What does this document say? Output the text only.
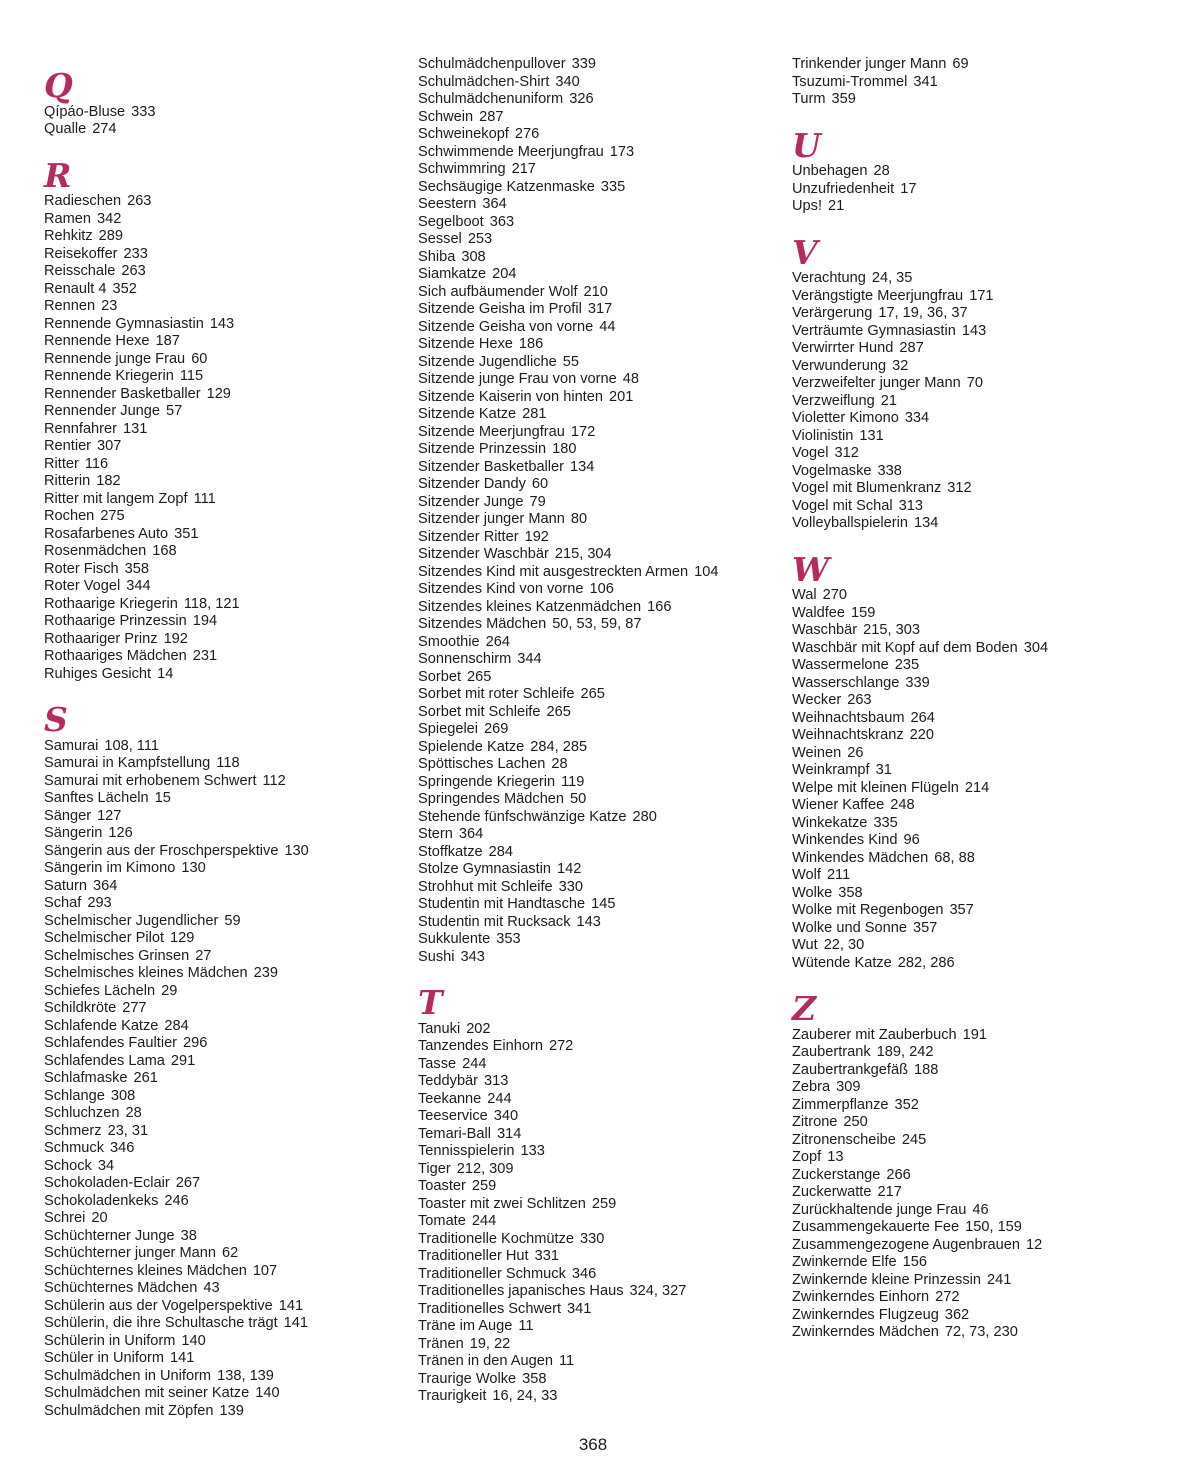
Q
Qípáo-Bluse 333
Qualle 274
R
Radieschen 263
Ramen 342
Rehkitz 289
Reisekoffer 233
Reisschale 263
Renault 4 352
Rennen 23
Rennende Gymnasiastin 143
Rennende Hexe 187
Rennende junge Frau 60
Rennende Kriegerin 115
Rennender Basketballer 129
Rennender Junge 57
Rennfahrer 131
Rentier 307
Ritter 116
Ritterin 182
Ritter mit langem Zopf 111
Rochen 275
Rosafarbenes Auto 351
Rosenmädchen 168
Roter Fisch 358
Roter Vogel 344
Rothaarige Kriegerin 118, 121
Rothaarige Prinzessin 194
Rothaariger Prinz 192
Rothaariges Mädchen 231
Ruhiges Gesicht 14
S
Samurai 108, 111
Samurai in Kampfstellung 118
Samurai mit erhobenem Schwert 112
Sanftes Lächeln 15
Sänger 127
Sängerin 126
Sängerin aus der Froschperspektive 130
Sängerin im Kimono 130
Saturn 364
Schaf 293
Schelmischer Jugendlicher 59
Schelmischer Pilot 129
Schelmisches Grinsen 27
Schelmisches kleines Mädchen 239
Schiefes Lächeln 29
Schildkröte 277
Schlafende Katze 284
Schlafendes Faultier 296
Schlafendes Lama 291
Schlafmaske 261
Schlange 308
Schluchzen 28
Schmerz 23, 31
Schmuck 346
Schock 34
Schokoladen-Eclair 267
Schokoladenkeks 246
Schrei 20
Schüchterner Junge 38
Schüchterner junger Mann 62
Schüchternes kleines Mädchen 107
Schüchternes Mädchen 43
Schülerin aus der Vogelperspektive 141
Schülerin, die ihre Schultasche trägt 141
Schülerin in Uniform 140
Schüler in Uniform 141
Schulmädchen in Uniform 138, 139
Schulmädchen mit seiner Katze 140
Schulmädchen mit Zöpfen 139
Schulmädchenpullover 339
Schulmädchen-Shirt 340
Schulmädchenuniform 326
Schwein 287
Schweinekopf 276
Schwimmende Meerjungfrau 173
Schwimmring 217
Sechsäugige Katzenmaske 335
Seestern 364
Segelboot 363
Sessel 253
Shiba 308
Siamkatze 204
Sich aufbäumender Wolf 210
Sitzende Geisha im Profil 317
Sitzende Geisha von vorne 44
Sitzende Hexe 186
Sitzende Jugendliche 55
Sitzende junge Frau von vorne 48
Sitzende Kaiserin von hinten 201
Sitzende Katze 281
Sitzende Meerjungfrau 172
Sitzende Prinzessin 180
Sitzender Basketballer 134
Sitzender Dandy 60
Sitzender Junge 79
Sitzender junger Mann 80
Sitzender Ritter 192
Sitzender Waschbär 215, 304
Sitzendes Kind mit ausgestreckten Armen 104
Sitzendes Kind von vorne 106
Sitzendes kleines Katzenmädchen 166
Sitzendes Mädchen 50, 53, 59, 87
Smoothie 264
Sonnenschirm 344
Sorbet 265
Sorbet mit roter Schleife 265
Sorbet mit Schleife 265
Spiegelei 269
Spielende Katze 284, 285
Spöttisches Lachen 28
Springende Kriegerin 119
Springendes Mädchen 50
Stehende fünfschwänzige Katze 280
Stern 364
Stoffkatze 284
Stolze Gymnasiastin 142
Strohhut mit Schleife 330
Studentin mit Handtasche 145
Studentin mit Rucksack 143
Sukkulente 353
Sushi 343
T
Tanuki 202
Tanzendes Einhorn 272
Tasse 244
Teddybär 313
Teekanne 244
Teeservice 340
Temari-Ball 314
Tennisspielerin 133
Tiger 212, 309
Toaster 259
Toaster mit zwei Schlitzen 259
Tomate 244
Traditionelle Kochmütze 330
Traditioneller Hut 331
Traditioneller Schmuck 346
Traditionelles japanisches Haus 324, 327
Traditionelles Schwert 341
Träne im Auge 11
Tränen 19, 22
Tränen in den Augen 11
Traurige Wolke 358
Traurigkeit 16, 24, 33
Trinkender junger Mann 69
Tsuzumi-Trommel 341
Turm 359
U
Unbehagen 28
Unzufriedenheit 17
Ups! 21
V
Verachtung 24, 35
Verängstigte Meerjungfrau 171
Verärgerung 17, 19, 36, 37
Verträumte Gymnasiastin 143
Verwirrter Hund 287
Verwunderung 32
Verzweifelter junger Mann 70
Verzweiflung 21
Violetter Kimono 334
Violinistin 131
Vogel 312
Vogelmaske 338
Vogel mit Blumenkranz 312
Vogel mit Schal 313
Volleyballspielerin 134
W
Wal 270
Waldfee 159
Waschbär 215, 303
Waschbär mit Kopf auf dem Boden 304
Wassermelone 235
Wasserschlange 339
Wecker 263
Weihnachtsbaum 264
Weihnachtskranz 220
Weinen 26
Weinkrampf 31
Welpe mit kleinen Flügeln 214
Wiener Kaffee 248
Winkekatze 335
Winkendes Kind 96
Winkendes Mädchen 68, 88
Wolf 211
Wolke 358
Wolke mit Regenbogen 357
Wolke und Sonne 357
Wut 22, 30
Wütende Katze 282, 286
Z
Zauberer mit Zauberbuch 191
Zaubertrank 189, 242
Zaubertrankgefäß 188
Zebra 309
Zimmerpflanze 352
Zitrone 250
Zitronenscheibe 245
Zopf 13
Zuckerstange 266
Zuckerwatte 217
Zurückhaltende junge Frau 46
Zusammengekauerte Fee 150, 159
Zusammengezogene Augenbrauen 12
Zwinkernde Elfe 156
Zwinkernde kleine Prinzessin 241
Zwinkerndes Einhorn 272
Zwinkerndes Flugzeug 362
Zwinkerndes Mädchen 72, 73, 230
368
